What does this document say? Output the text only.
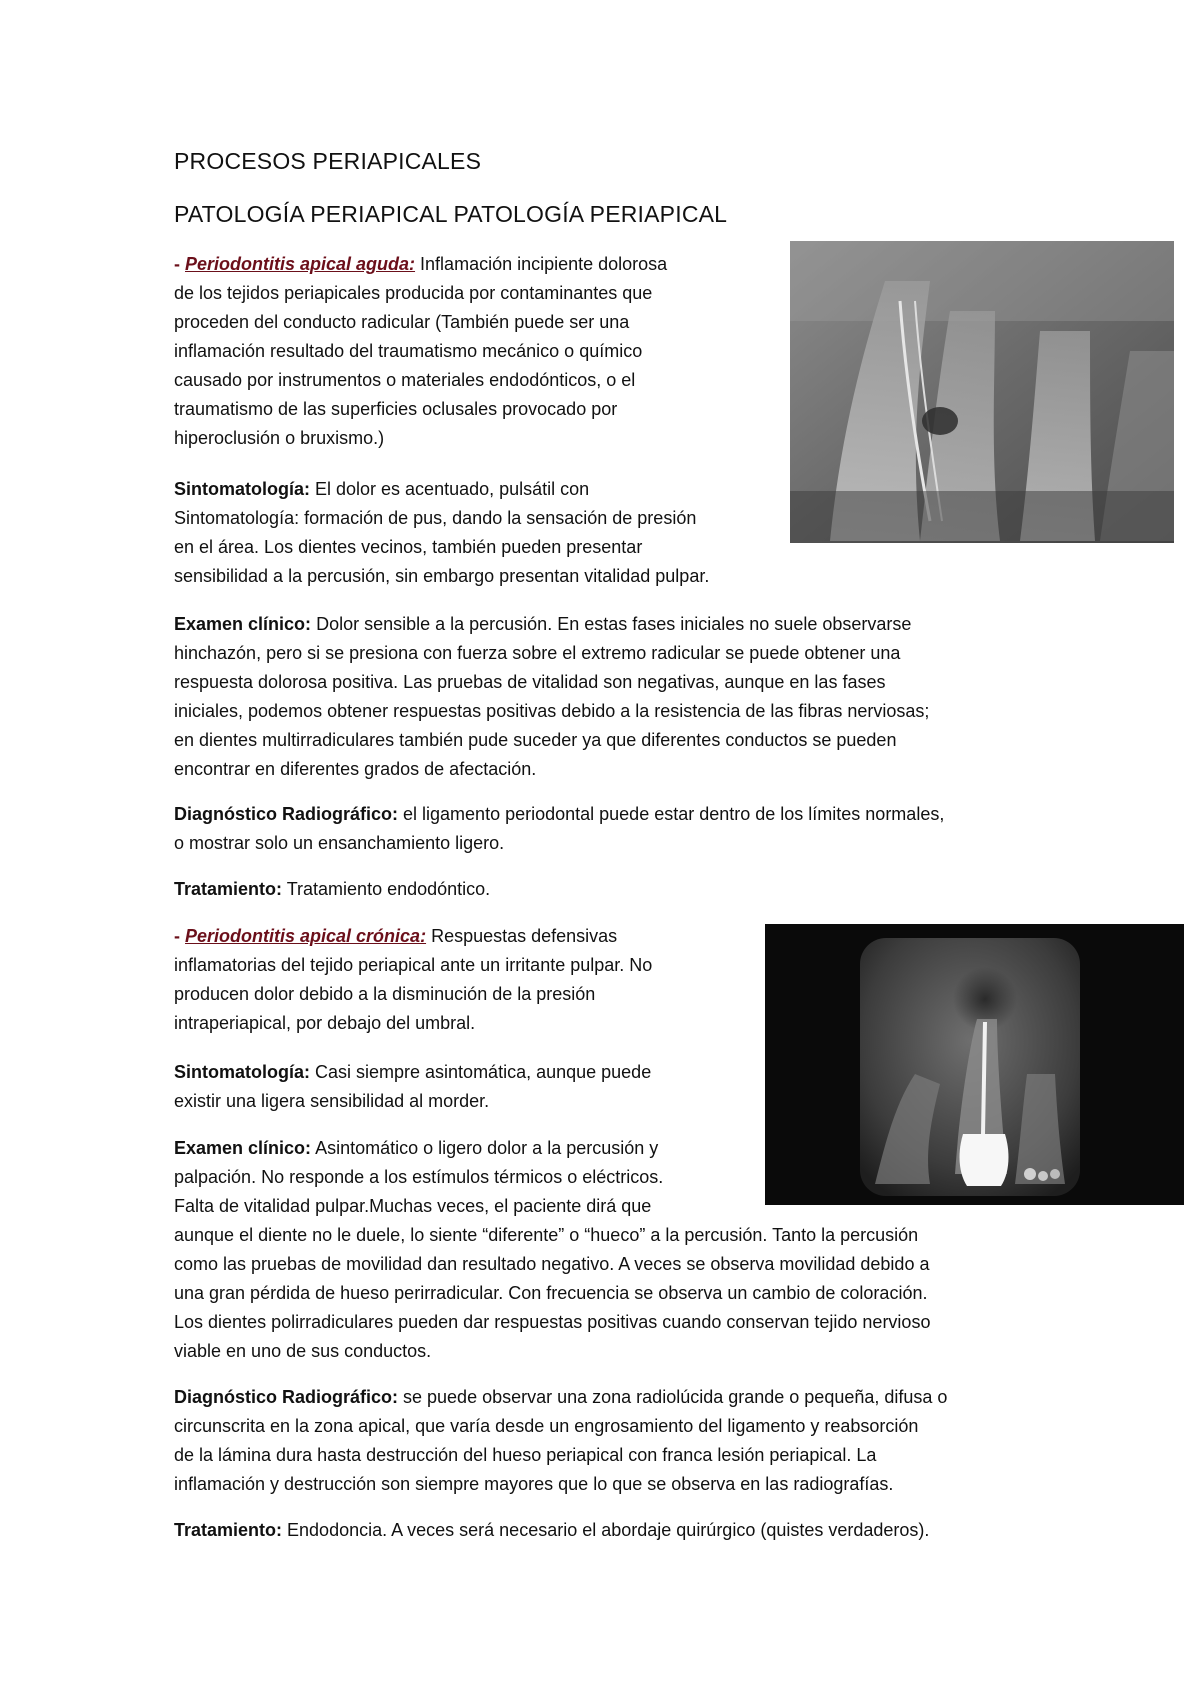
PROCESOS PERIAPICALES
PATOLOGÍA PERIAPICAL PATOLOGÍA PERIAPICAL
- Periodontitis apical aguda: Inflamación incipiente dolorosa
de los tejidos periapicales producida por contaminantes que
proceden del conducto radicular (También puede ser una
inflamación resultado del traumatismo mecánico o químico
causado por instrumentos o materiales endodónticos, o el
traumatismo de las superficies oclusales provocado por
hiperoclusión o bruxismo.)
Sintomatología: El dolor es acentuado, pulsátil con
Sintomatología: formación de pus, dando la sensación de presión
en el área. Los dientes vecinos, también pueden presentar
sensibilidad a la percusión, sin embargo presentan vitalidad pulpar.
Examen clínico: Dolor sensible a la percusión. En estas fases iniciales no suele observarse
hinchazón, pero si se presiona con fuerza sobre el extremo radicular se puede obtener una
respuesta dolorosa positiva. Las pruebas de vitalidad son negativas, aunque en las fases
iniciales, podemos obtener respuestas positivas debido a la resistencia de las fibras nerviosas;
en dientes multirradiculares también pude suceder ya que diferentes conductos se pueden
encontrar en diferentes grados de afectación.
Diagnóstico Radiográfico: el ligamento periodontal puede estar dentro de los límites normales,
o mostrar solo un ensanchamiento ligero.
Tratamiento: Tratamiento endodóntico.
- Periodontitis apical crónica: Respuestas defensivas
inflamatorias del tejido periapical ante un irritante pulpar. No
producen dolor debido a la disminución de la presión
intraperiapical, por debajo del umbral.
Sintomatología: Casi siempre asintomática, aunque puede
existir una ligera sensibilidad al morder.
Examen clínico: Asintomático o ligero dolor a la percusión y
palpación. No responde a los estímulos térmicos o eléctricos.
Falta de vitalidad pulpar.Muchas veces, el paciente dirá que
aunque el diente no le duele, lo siente “diferente” o “hueco” a la percusión. Tanto la percusión
como las pruebas de movilidad dan resultado negativo. A veces se observa movilidad debido a
una gran pérdida de hueso perirradicular. Con frecuencia se observa un cambio de coloración.
Los dientes polirradiculares pueden dar respuestas positivas cuando conservan tejido nervioso
viable en uno de sus conductos.
Diagnóstico Radiográfico: se puede observar una zona radiolúcida grande o pequeña, difusa o
circunscrita en la zona apical, que varía desde un engrosamiento del ligamento y reabsorción
de la lámina dura hasta destrucción del hueso periapical con franca lesión periapical. La
inflamación y destrucción son siempre mayores que lo que se observa en las radiografías.
Tratamiento: Endodoncia. A veces será necesario el abordaje quirúrgico (quistes verdaderos).
